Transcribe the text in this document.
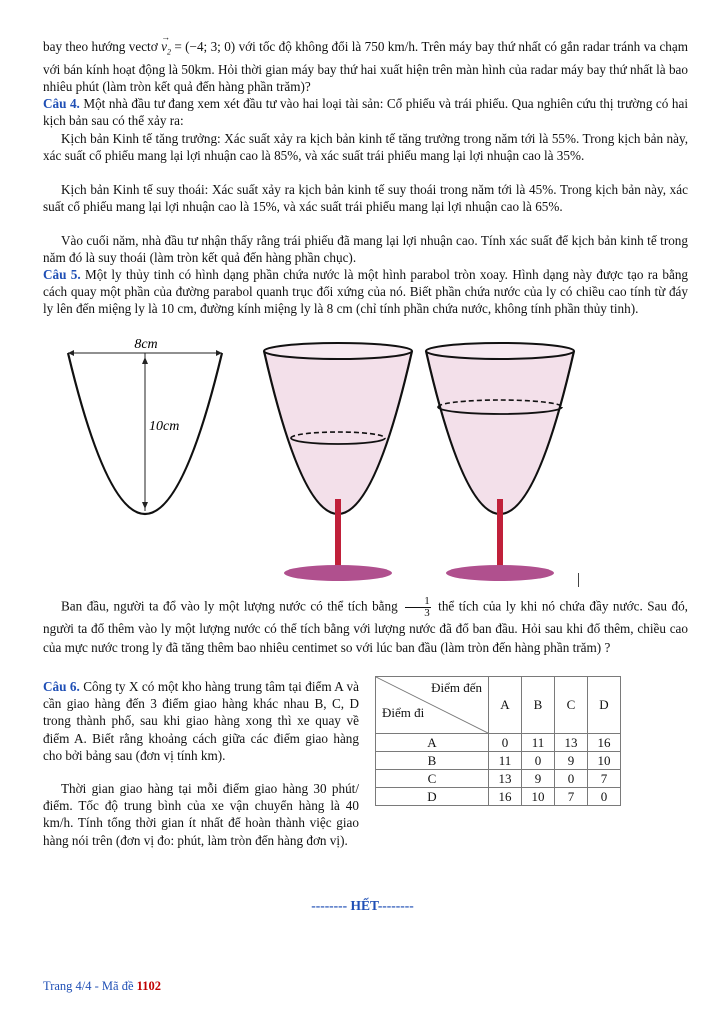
bay theo hướng vectơ
→
$v_2 = (-4$; 3; 0) với tốc độ không đổi là 750 km/h. Trên máy bay thứ nhất có gắn radar tránh va chạm với bán kính hoạt động là 50km. Hỏi thời gian máy bay thứ hai xuất hiện trên màn hình của radar máy bay thứ nhất là bao nhiêu phút (làm tròn kết quả đến hàng phần trăm)?

Câu 4. Một nhà đầu tư đang xem xét đầu tư vào hai loại tài sản: Cổ phiếu và trái phiếu. Qua nghiên cứu thị trường có hai kịch bản sau có thể xảy ra:

Kịch bản Kinh tế tăng trưởng: Xác suất xảy ra kịch bản kinh tế tăng trưởng trong năm tới là 55%. Trong kịch bản này, xác suất cổ phiếu mang lại lợi nhuận cao là 85%, và xác suất trái phiếu mang lại lợi nhuận cao là 35%.

Kịch bản Kinh tế suy thoái: Xác suất xảy ra kịch bản kinh tế suy thoái trong năm tới là 45%. Trong kịch bản này, xác suất cổ phiếu mang lại lợi nhuận cao là 15%, và xác suất trái phiếu mang lại lợi nhuận cao là 65%.

Vào cuối năm, nhà đầu tư nhận thấy rằng trái phiếu đã mang lại lợi nhuận cao. Tính xác suất để kịch bản kinh tế trong năm đó là suy thoái (làm tròn kết quả đến hàng phần chục).

Câu 5. Một ly thủy tinh có hình dạng phần chứa nước là một hình parabol tròn xoay. Hình dạng này được tạo ra bằng cách quay một phần của đường parabol quanh trục đối xứng của nó. Biết phần chứa nước của ly có chiều cao tính từ đáy ly lên đến miệng ly là 10 cm, đường kính miệng ly là 8 cm (chỉ tính phần chứa nước, không tính phần thủy tinh).

8cm
10cm

Ban đầu, người ta đổ vào ly một lượng nước có thể tích bằng $\frac{1}{3}$ thể tích của ly khi nó chứa đầy nước. Sau đó, người ta đổ thêm vào ly một lượng nước có thể tích bằng với lượng nước đã đổ ban đầu. Hỏi sau khi đổ thêm, chiều cao của mực nước trong ly đã tăng thêm bao nhiêu centimet so với lúc ban đầu (làm tròn đến hàng phần trăm) ?

Câu 6. Công ty X có một kho hàng trung tâm tại điểm A và cần giao hàng đến 3 điểm giao hàng khác nhau B, C, D trong thành phố, sau khi giao hàng xong thì xe quay về điểm A. Biết rằng khoảng cách giữa các điểm giao hàng cho bởi bảng sau (đơn vị tính km).

Thời gian giao hàng tại mỗi điểm giao hàng 30 phút/điểm. Tốc độ trung bình của xe vận chuyển hàng là 40 km/h. Tính tổng thời gian ít nhất để hoàn thành việc giao hàng nói trên (đơn vị đo: phút, làm tròn đến hàng đơn vị).

Điểm đến
Điểm đi	A	B	C	D
A	0	11	13	16
B	11	0	9	10
C	13	9	0	7
D	16	10	7	0
-------- HẾT--------
Trang 4/4 - Mã đề 1102
